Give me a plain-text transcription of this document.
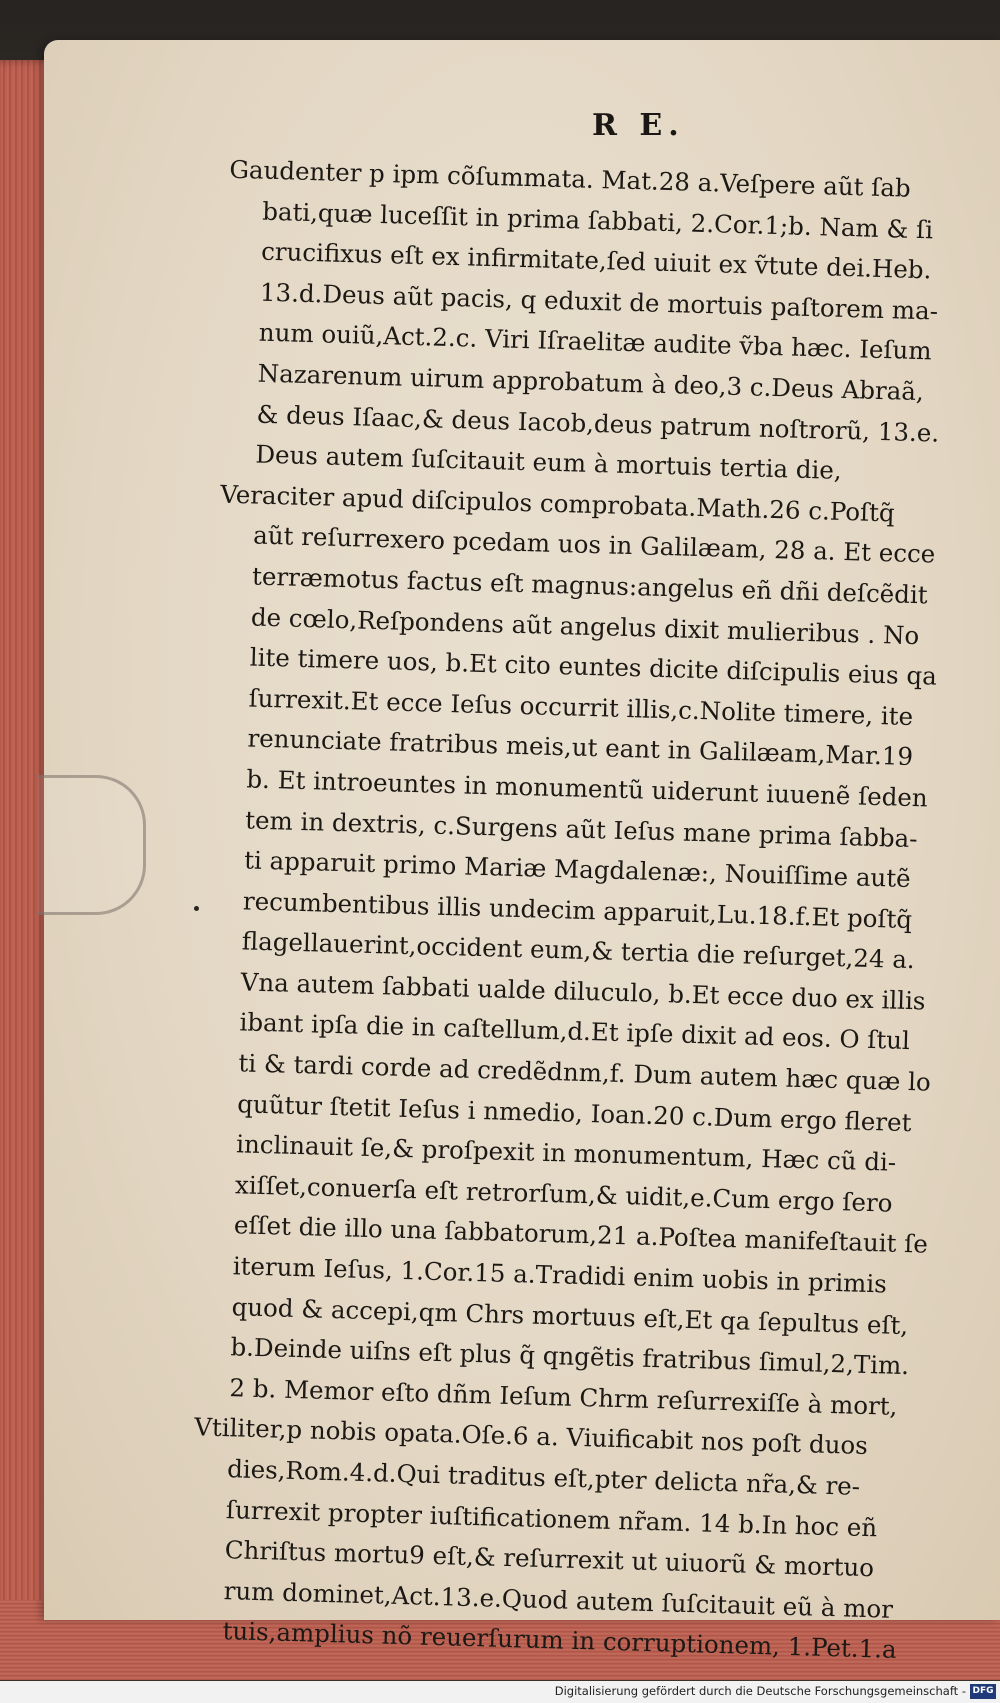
R E.
Gaudenter p ipm cõſummata. Mat.28 a.Veſpere aũt ſab
bati,quæ luceſſit in prima ſabbati, 2.Cor.1;b. Nam & ſi
crucifixus eſt ex infirmitate,ſed uiuit ex ṽtute dei.Heb.
13.d.Deus aũt pacis, q eduxit de mortuis paſtorem ma-
num ouiũ,Act.2.c. Viri Iſraelitæ audite ṽba hæc. Ieſum
Nazarenum uirum approbatum à deo,3 c.Deus Abraã,
& deus Iſaac,& deus Iacob,deus patrum noſtrorũ, 13.e.
Deus autem ſuſcitauit eum à mortuis tertia die,
Veraciter apud diſcipulos comprobata.Math.26 c.Poſtq̃
aũt reſurrexero pcedam uos in Galilæam, 28 a. Et ecce
terræmotus factus eſt magnus:angelus eñ dñi deſcẽdit
de cœlo,Reſpondens aũt angelus dixit mulieribus . No
lite timere uos, b.Et cito euntes dicite diſcipulis eius qa
ſurrexit.Et ecce Ieſus occurrit illis,c.Nolite timere, ite
renunciate fratribus meis,ut eant in Galilæam,Mar.19
b. Et introeuntes in monumentũ uiderunt iuuenẽ ſeden
tem in dextris, c.Surgens aũt Ieſus mane prima ſabba-
ti apparuit primo Mariæ Magdalenæ:, Nouiſſime autẽ
recumbentibus illis undecim apparuit,Lu.18.f.Et poſtq̃
flagellauerint,occident eum,& tertia die reſurget,24 a.
Vna autem ſabbati ualde diluculo, b.Et ecce duo ex illis
ibant ipſa die in caſtellum,d.Et ipſe dixit ad eos. O ſtul
ti & tardi corde ad credẽdnm,f. Dum autem hæc quæ lo
quũtur ſtetit Ieſus i nmedio, Ioan.20 c.Dum ergo fleret
inclinauit ſe,& proſpexit in monumentum, Hæc cũ di-
xiſſet,conuerſa eſt retrorſum,& uidit,e.Cum ergo ſero
eſſet die illo una ſabbatorum,21 a.Poſtea manifeſtauit ſe
iterum Ieſus, 1.Cor.15 a.Tradidi enim uobis in primis
quod & accepi,qm Chrs mortuus eſt,Et qa ſepultus eſt,
b.Deinde uiſns eſt plus q̃ qngẽtis fratribus ſimul,2,Tim.
2 b. Memor eſto dñm Ieſum Chrm reſurrexiſſe à mort,
Vtiliter,p nobis opata.Oſe.6 a. Viuificabit nos poſt duos
dies,Rom.4.d.Qui traditus eſt,pter delicta nr̃a,& re-
ſurrexit propter iuſtificationem nr̃am. 14 b.In hoc eñ
Chriſtus mortu9 eſt,& reſurrexit ut uiuorũ & mortuo
rum dominet,Act.13.e.Quod autem ſuſcitauit eũ à mor
tuis,amplius nõ reuerſurum in corruptionem, 1.Pet.1.a
Digitalisierung gefördert durch die Deutsche Forschungsgemeinschaft - DFG
